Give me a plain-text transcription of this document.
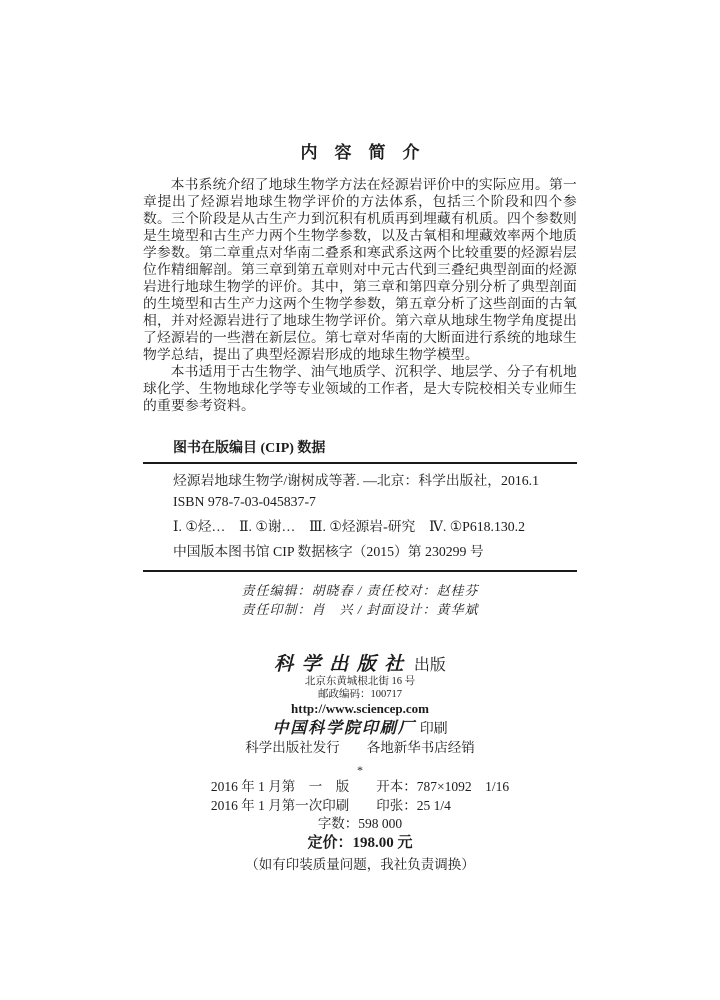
内　容　简　介

本书系统介绍了地球生物学方法在烃源岩评价中的实际应用。第一章提出了烃源岩地球生物学评价的方法体系，包括三个阶段和四个参数。三个阶段是从古生产力到沉积有机质再到埋藏有机质。四个参数则是生境型和古生产力两个生物学参数，以及古氧相和埋藏效率两个地质学参数。第二章重点对华南二叠系和寒武系这两个比较重要的烃源岩层位作精细解剖。第三章到第五章则对中元古代到三叠纪典型剖面的烃源岩进行地球生物学的评价。其中，第三章和第四章分别分析了典型剖面的生境型和古生产力这两个生物学参数，第五章分析了这些剖面的古氧相，并对烃源岩进行了地球生物学评价。第六章从地球生物学角度提出了烃源岩的一些潜在新层位。第七章对华南的大断面进行系统的地球生物学总结，提出了典型烃源岩形成的地球生物学模型。

本书适用于古生物学、油气地质学、沉积学、地层学、分子有机地球化学、生物地球化学等专业领域的工作者，是大专院校相关专业师生的重要参考资料。

图书在版编目 (CIP) 数据
烃源岩地球生物学/谢树成等著. —北京：科学出版社，2016.1
ISBN 978-7-03-045837-7
Ⅰ. ①烃…　Ⅱ. ①谢…　Ⅲ. ①烃源岩-研究　Ⅳ. ①P618.130.2
中国版本图书馆 CIP 数据核字（2015）第 230299 号
责任编辑：胡晓春 / 责任校对：赵桂芬
责任印制：肖　兴 / 封面设计：黄华斌
科学出版社 出版
北京东黄城根北街 16 号
邮政编码：100717
http://www.sciencep.com
中国科学院印刷厂 印刷
科学出版社发行　　各地新华书店经销
*
2016 年 1 月第　一　版　　开本：787×1092　1/16
2016 年 1 月第一次印刷　　印张：25 1/4
字数：598 000
定价：198.00 元
（如有印装质量问题，我社负责调换）
